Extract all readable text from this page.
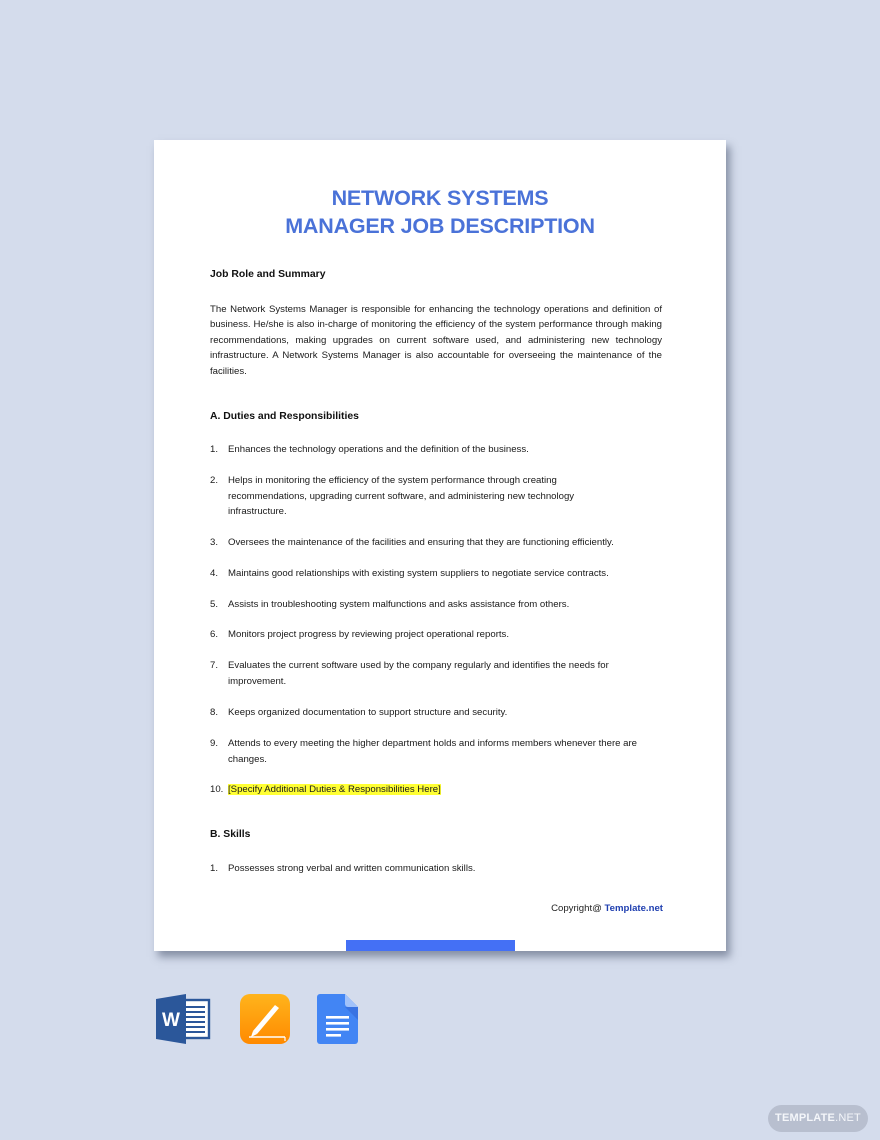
NETWORK SYSTEMS
MANAGER JOB DESCRIPTION
Job Role and Summary
The Network Systems Manager is responsible for enhancing the technology operations and definition of business. He/she is also in-charge of monitoring the efficiency of the system performance through making recommendations, making upgrades on current software used, and administering new technology infrastructure. A Network Systems Manager is also accountable for overseeing the maintenance of the facilities.
A. Duties and Responsibilities
1.	Enhances the technology operations and the definition of the business.
2.	Helps in monitoring the efficiency of the system performance through creating recommendations, upgrading current software, and administering new technology infrastructure.
3.	Oversees the maintenance of the facilities and ensuring that they are functioning efficiently.
4.	Maintains good relationships with existing system suppliers to negotiate service contracts.
5.	Assists in troubleshooting system malfunctions and asks assistance from others.
6.	Monitors project progress by reviewing project operational reports.
7.	Evaluates the current software used by the company regularly and identifies the needs for improvement.
8.	Keeps organized documentation to support structure and security.
9.	Attends to every meeting the higher department holds and informs members whenever there are changes.
10. [Specify Additional Duties & Responsibilities Here]
B. Skills
1.	Possesses strong verbal and written communication skills.
Copyright@ Template.net
W
TEMPLATE.NET
